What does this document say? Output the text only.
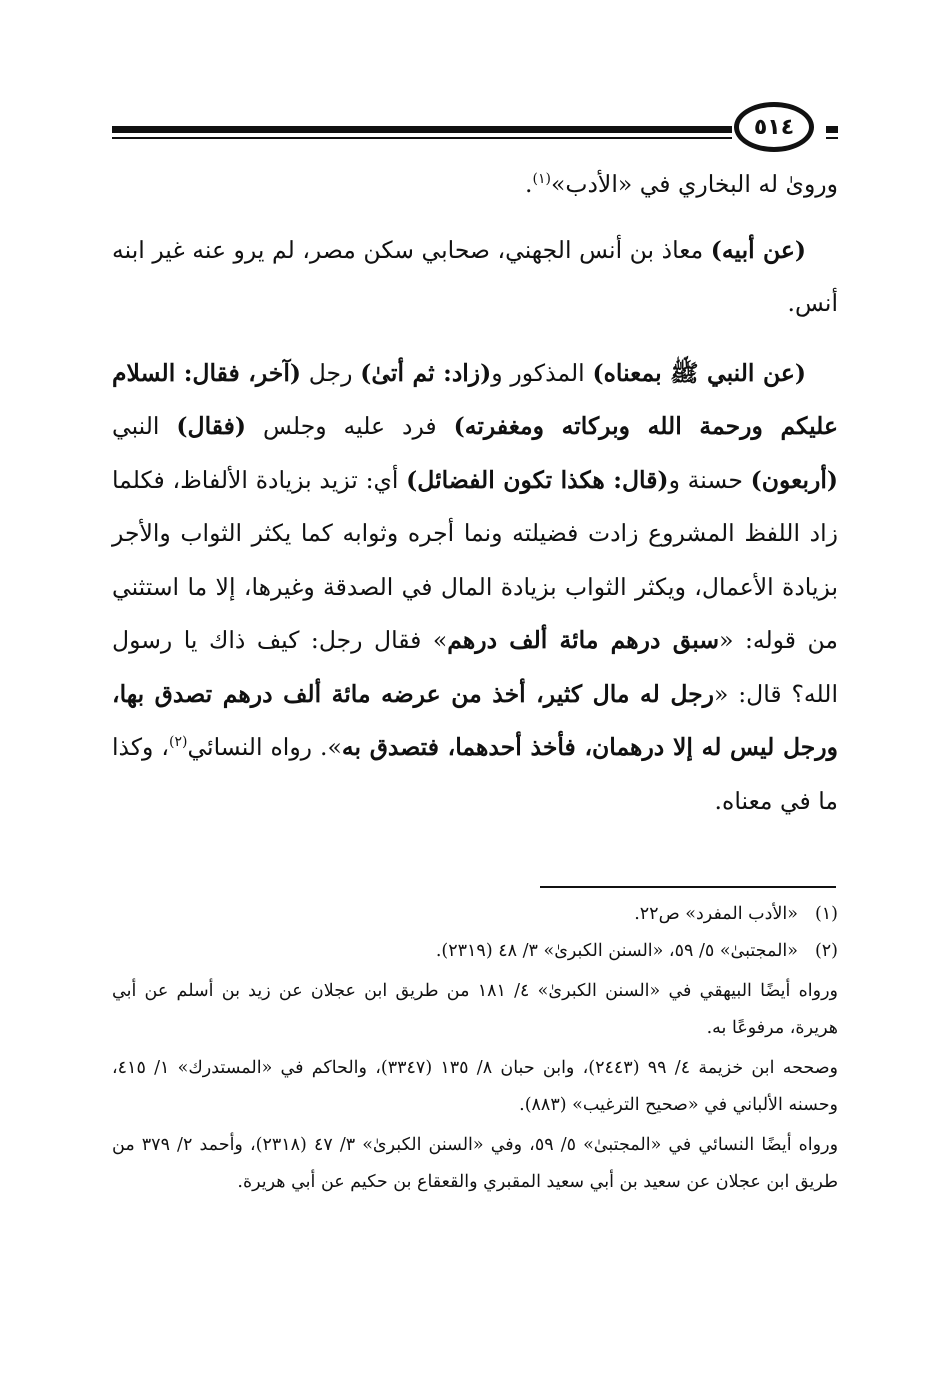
٥١٤

ورویٰ له البخاري في «الأدب»$^{(١)}$.

(عن أبيه) معاذ بن أنس الجهني، صحابي سكن مصر، لم يرو عنه غير ابنه أنس.

(عن النبي ﷺ بمعناه) المذكور و(زاد: ثم أتىٰ) رجل (آخر، فقال: السلام عليكم ورحمة الله وبركاته ومغفرته) فرد عليه وجلس (فقال) النبي (أربعون) حسنة و(قال: هكذا تكون الفضائل) أي: تزيد بزيادة الألفاظ، فكلما زاد اللفظ المشروع زادت فضيلته ونما أجره وثوابه كما يكثر الثواب والأجر بزيادة الأعمال، ويكثر الثواب بزيادة المال في الصدقة وغيرها، إلا ما استثني من قوله: «سبق درهم مائة ألف درهم» فقال رجل: كيف ذاك يا رسول الله؟ قال: «رجل له مال كثير، أخذ من عرضه مائة ألف درهم تصدق بها، ورجل ليس له إلا درهمان، فأخذ أحدهما، فتصدق به». رواه النسائي$^{(٢)}$، وكذا ما في معناه.

(١)«الأدب المفرد» ص٢٢.

(٢)«المجتبىٰ» ٥/ ٥٩، «السنن الكبرىٰ» ٣/ ٤٨ (٢٣١٩).

ورواه أيضًا البيهقي في «السنن الكبرىٰ» ٤/ ١٨١ من طريق ابن عجلان عن زيد بن أسلم عن أبي هريرة، مرفوعًا به.

وصححه ابن خزيمة ٤/ ٩٩ (٢٤٤٣)، وابن حبان ٨/ ١٣٥ (٣٣٤٧)، والحاكم في «المستدرك» ١/ ٤١٥، وحسنه الألباني في «صحيح الترغيب» (٨٨٣).

ورواه أيضًا النسائي في «المجتبىٰ» ٥/ ٥٩، وفي «السنن الكبرىٰ» ٣/ ٤٧ (٢٣١٨)، وأحمد ٢/ ٣٧٩ من طريق ابن عجلان عن سعيد بن أبي سعيد المقبري والقعقاع بن حكيم عن أبي هريرة.
